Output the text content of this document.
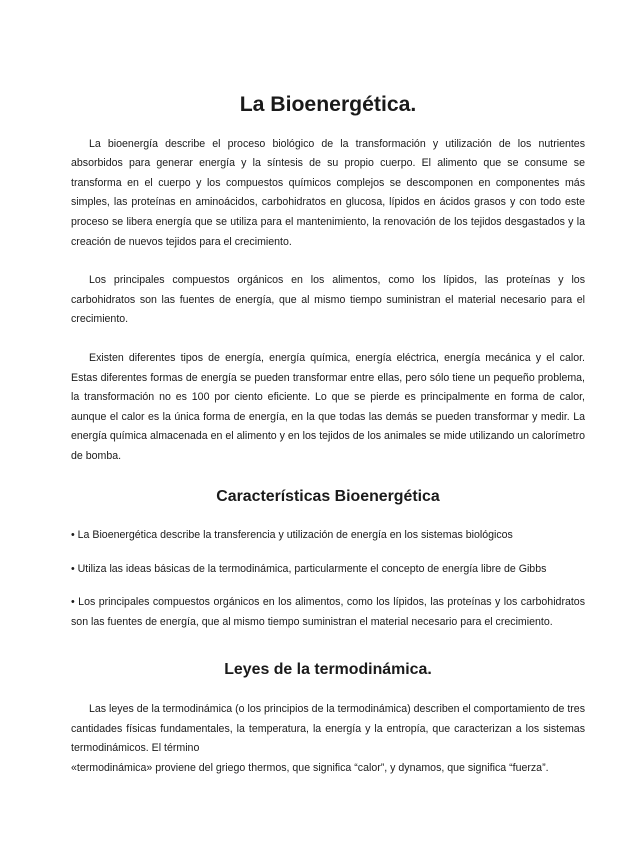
La Bioenergética.

La bioenergía describe el proceso biológico de la transformación y utilización de los nutrientes absorbidos para generar energía y la síntesis de su propio cuerpo. El alimento que se consume se transforma en el cuerpo y los compuestos químicos complejos se descomponen en componentes más simples, las proteínas en aminoácidos, carbohidratos en glucosa, lípidos en ácidos grasos y con todo este proceso se libera energía que se utiliza para el mantenimiento, la renovación de los tejidos desgastados y la creación de nuevos tejidos para el crecimiento.

Los principales compuestos orgánicos en los alimentos, como los lípidos, las proteínas y los carbohidratos son las fuentes de energía, que al mismo tiempo suministran el material necesario para el crecimiento.

Existen diferentes tipos de energía, energía química, energía eléctrica, energía mecánica y el calor. Estas diferentes formas de energía se pueden transformar entre ellas, pero sólo tiene un pequeño problema, la transformación no es 100 por ciento eficiente. Lo que se pierde es principalmente en forma de calor, aunque el calor es la única forma de energía, en la que todas las demás se pueden transformar y medir. La energía química almacenada en el alimento y en los tejidos de los animales se mide utilizando un calorímetro de bomba.

Características Bioenergética

• La Bioenergética describe la transferencia y utilización de energía en los sistemas biológicos

• Utiliza las ideas básicas de la termodinámica, particularmente el concepto de energía libre de Gibbs

• Los principales compuestos orgánicos en los alimentos, como los lípidos, las proteínas y los carbohidratos son las fuentes de energía, que al mismo tiempo suministran el material necesario para el crecimiento.

Leyes de la termodinámica.

Las leyes de la termodinámica (o los principios de la termodinámica) describen el comportamiento de tres cantidades físicas fundamentales, la temperatura, la energía y la entropía, que caracterizan a los sistemas termodinámicos. El término

«termodinámica» proviene del griego thermos, que significa “calor”, y dynamos, que significa “fuerza”.
